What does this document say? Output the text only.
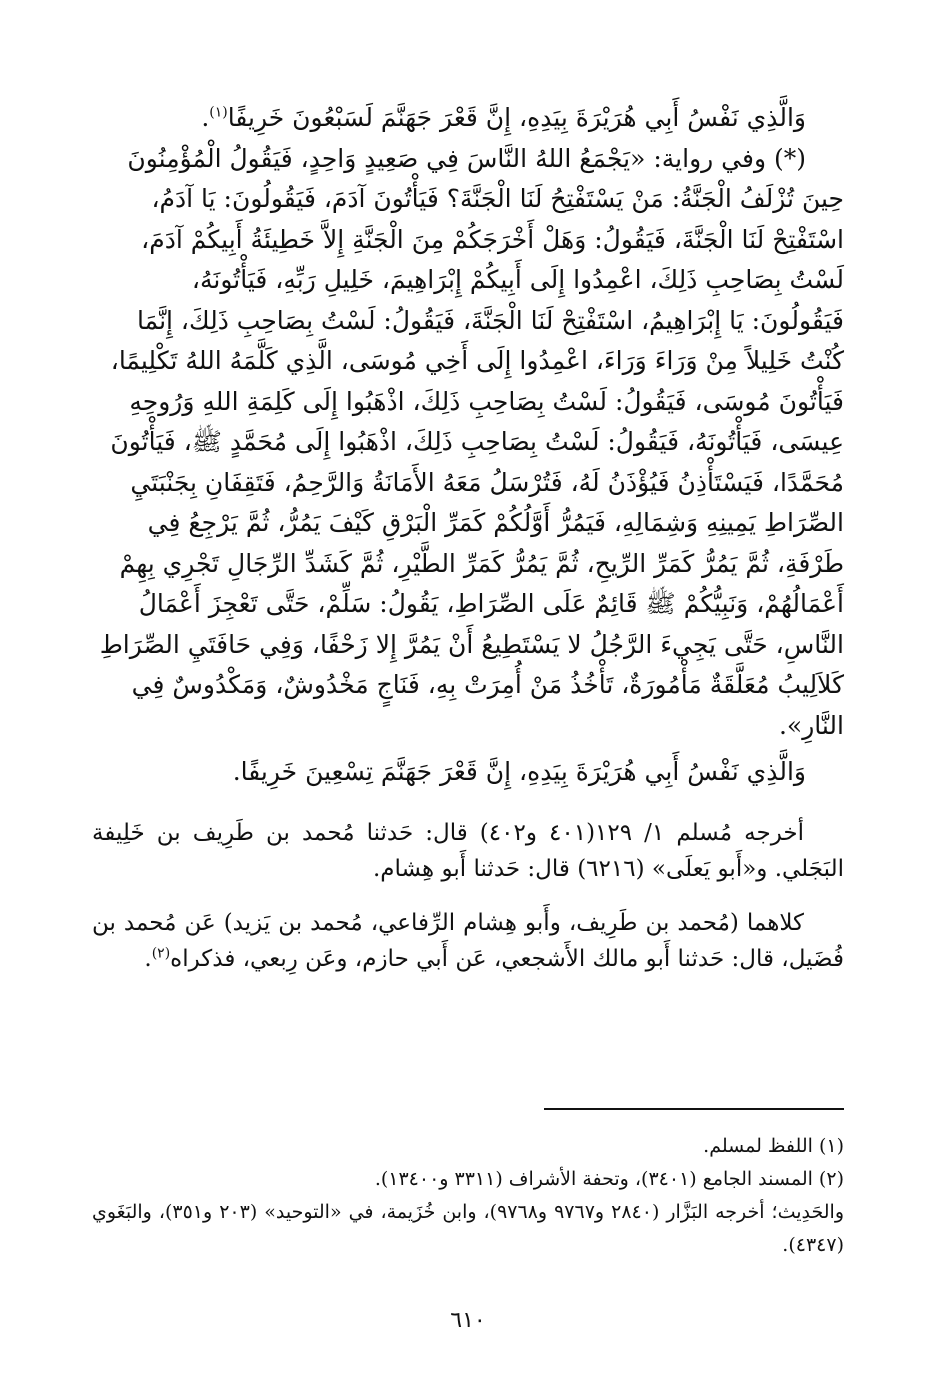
وَالَّذِي نَفْسُ أَبِي هُرَيْرَةَ بِيَدِهِ، إِنَّ قَعْرَ جَهَنَّمَ لَسَبْعُونَ خَرِيفًا$^{(١)}$.

(*) وفي رواية: «يَجْمَعُ اللهُ النَّاسَ فِي صَعِيدٍ وَاحِدٍ، فَيَقُولُ الْمُؤْمِنُونَ حِينَ تُزْلَفُ الْجَنَّةُ: مَنْ يَسْتَفْتِحُ لَنَا الْجَنَّةَ؟ فَيَأْتُونَ آدَمَ، فَيَقُولُونَ: يَا آدَمُ، اسْتَفْتِحْ لَنَا الْجَنَّةَ، فَيَقُولُ: وَهَلْ أَخْرَجَكُمْ مِنَ الْجَنَّةِ إِلاَّ خَطِيئَةُ أَبِيكُمْ آدَمَ، لَسْتُ بِصَاحِبِ ذَلِكَ، اعْمِدُوا إِلَى أَبِيكُمْ إِبْرَاهِيمَ، خَلِيلِ رَبِّهِ، فَيَأْتُونَهُ، فَيَقُولُونَ: يَا إِبْرَاهِيمُ، اسْتَفْتِحْ لَنَا الْجَنَّةَ، فَيَقُولُ: لَسْتُ بِصَاحِبِ ذَلِكَ، إِنَّمَا كُنْتُ خَلِيلاً مِنْ وَرَاءَ وَرَاءَ، اعْمِدُوا إِلَى أَخِي مُوسَى، الَّذِي كَلَّمَهُ اللهُ تَكْلِيمًا، فَيَأْتُونَ مُوسَى، فَيَقُولُ: لَسْتُ بِصَاحِبِ ذَلِكَ، اذْهَبُوا إِلَى كَلِمَةِ اللهِ وَرُوحِهِ عِيسَى، فَيَأْتُونَهُ، فَيَقُولُ: لَسْتُ بِصَاحِبِ ذَلِكَ، اذْهَبُوا إِلَى مُحَمَّدٍ ﷺ، فَيَأْتُونَ مُحَمَّدًا، فَيَسْتَأْذِنُ فَيُؤْذَنُ لَهُ، فَتُرْسَلُ مَعَهُ الأَمَانَةُ وَالرَّحِمُ، فَتَقِفَانِ بِجَنْبَتَيِ الصِّرَاطِ يَمِينِهِ وَشِمَالِهِ، فَيَمُرُّ أَوَّلُكُمْ كَمَرِّ الْبَرْقِ كَيْفَ يَمُرُّ، ثُمَّ يَرْجِعُ فِي طَرْفَةِ، ثُمَّ يَمُرُّ كَمَرِّ الرِّيحِ، ثُمَّ يَمُرُّ كَمَرِّ الطَّيْرِ، ثُمَّ كَشَدِّ الرِّجَالِ تَجْرِي بِهِمْ أَعْمَالُهُمْ، وَنَبِيُّكُمْ ﷺ قَائِمٌ عَلَى الصِّرَاطِ، يَقُولُ: سَلِّمْ، حَتَّى تَعْجِزَ أَعْمَالُ النَّاسِ، حَتَّى يَجِيءَ الرَّجُلُ لا يَسْتَطِيعُ أَنْ يَمُرَّ إِلا زَحْفًا، وَفِي حَافَتَيِ الصِّرَاطِ كَلاَلِيبُ مُعَلَّقَةٌ مَأْمُورَةٌ، تَأْخُذُ مَنْ أُمِرَتْ بِهِ، فَنَاجٍ مَخْدُوشٌ، وَمَكْدُوسٌ فِي النَّارِ».

وَالَّذِي نَفْسُ أَبِي هُرَيْرَةَ بِيَدِهِ، إِنَّ قَعْرَ جَهَنَّمَ تِسْعِينَ خَرِيفًا.

أخرجه مُسلم ١/ ١٢٩(٤٠١ و٤٠٢) قال: حَدثنا مُحمد بن طَرِيف بن خَلِيفة البَجَلي. و«أَبو يَعلَى» (٦٢١٦) قال: حَدثنا أَبو هِشام.

كلاهما (مُحمد بن طَرِيف، وأَبو هِشام الرِّفاعي، مُحمد بن يَزيد) عَن مُحمد بن فُضَيل، قال: حَدثنا أَبو مالك الأَشجعي، عَن أَبي حازم، وعَن رِبعي، فذكراه$^{(٢)}$.

(١) اللفظ لمسلم.

(٢) المسند الجامع (٣٤٠١)، وتحفة الأشراف (٣٣١١ و١٣٤٠٠).

والحَدِيث؛ أخرجه البَزَّار (٢٨٤٠ و٩٧٦٧ و٩٧٦٨)، وابن خُزَيمة، في «التوحيد» (٢٠٣ و٣٥١)، والبَغَوي (٤٣٤٧).

٦١٠
